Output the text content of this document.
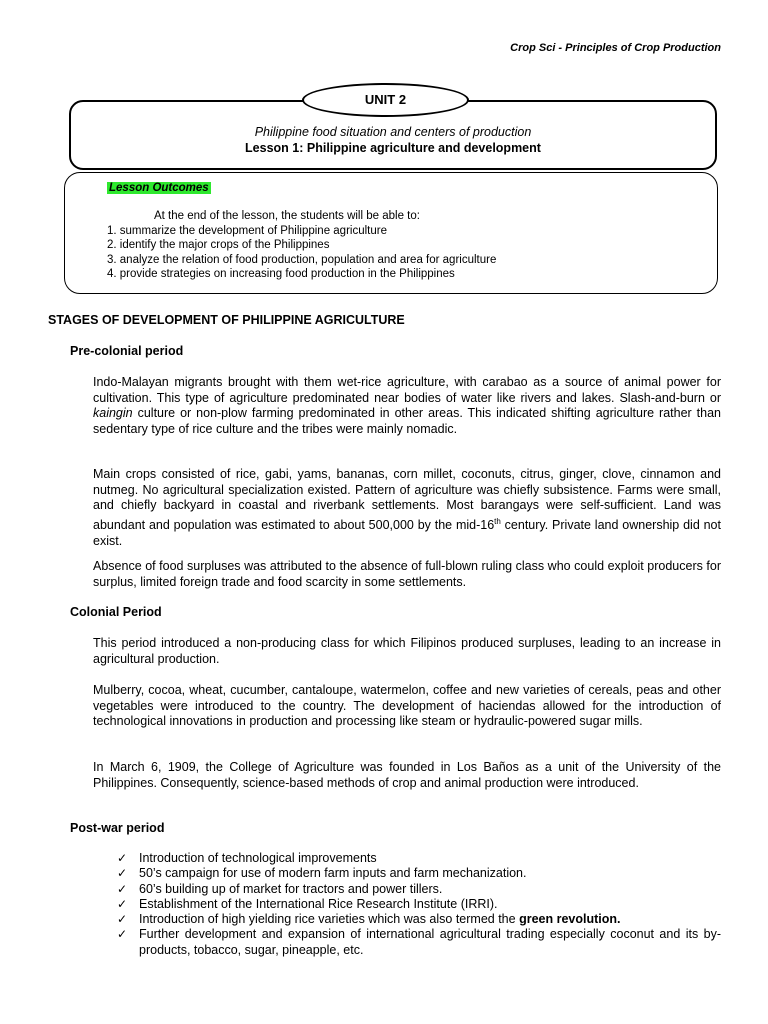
Crop Sci - Principles of Crop Production
UNIT 2
Philippine food situation and centers of production
Lesson 1: Philippine agriculture and development
Lesson Outcomes
At the end of the lesson, the students will be able to:
1. summarize the development of Philippine agriculture
2. identify the major crops of the Philippines
3. analyze the relation of food production, population and area for agriculture
4. provide strategies on increasing food production in the Philippines
STAGES OF DEVELOPMENT OF PHILIPPINE AGRICULTURE
Pre-colonial period

Indo-Malayan migrants brought with them wet-rice agriculture, with carabao as a source of animal power for cultivation. This type of agriculture predominated near bodies of water like rivers and lakes. Slash-and-burn or kaingin culture or non-plow farming predominated in other areas. This indicated shifting agriculture rather than sedentary type of rice culture and the tribes were mainly nomadic.

Main crops consisted of rice, gabi, yams, bananas, corn millet, coconuts, citrus, ginger, clove, cinnamon and nutmeg. No agricultural specialization existed. Pattern of agriculture was chiefly subsistence. Farms were small, and chiefly backyard in coastal and riverbank settlements. Most barangays were self-sufficient. Land was abundant and population was estimated to about 500,000 by the mid-16th century. Private land ownership did not exist.

Absence of food surpluses was attributed to the absence of full-blown ruling class who could exploit producers for surplus, limited foreign trade and food scarcity in some settlements.

Colonial Period

This period introduced a non-producing class for which Filipinos produced surpluses, leading to an increase in agricultural production.

Mulberry, cocoa, wheat, cucumber, cantaloupe, watermelon, coffee and new varieties of cereals, peas and other vegetables were introduced to the country. The development of haciendas allowed for the introduction of technological innovations in production and processing like steam or hydraulic-powered sugar mills.

In March 6, 1909, the College of Agriculture was founded in Los Baños as a unit of the University of the Philippines. Consequently, science-based methods of crop and animal production were introduced.

Post-war period
✓ Introduction of technological improvements
✓ 50’s campaign for use of modern farm inputs and farm mechanization.
✓ 60’s building up of market for tractors and power tillers.
✓ Establishment of the International Rice Research Institute (IRRI).
✓ Introduction of high yielding rice varieties which was also termed the green revolution.
✓ Further development and expansion of international agricultural trading especially coconut and its by-products, tobacco, sugar, pineapple, etc.
